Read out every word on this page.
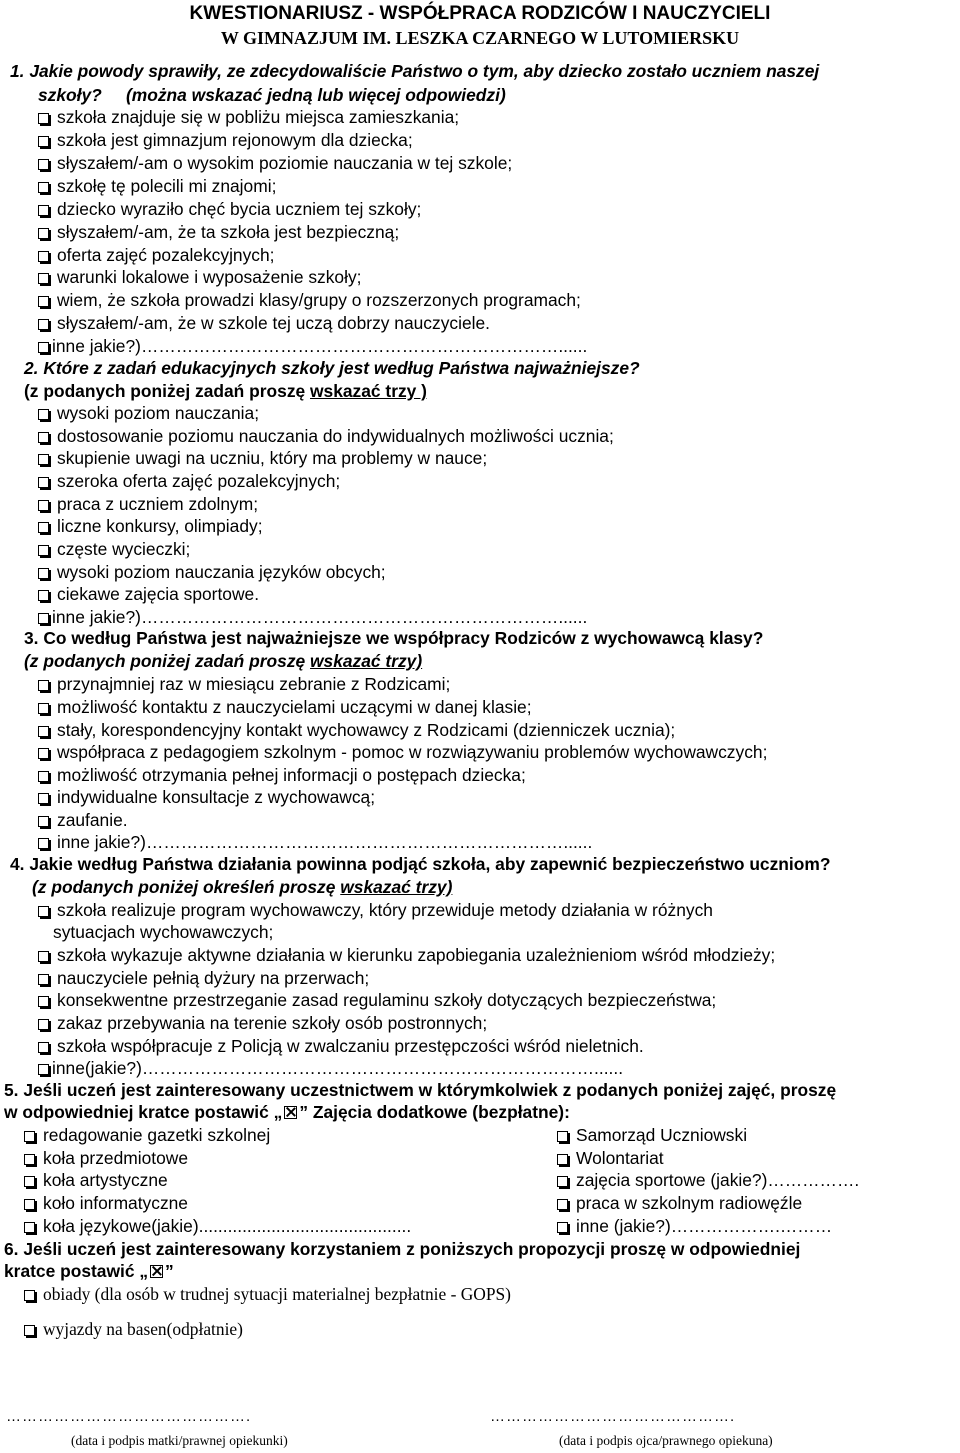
KWESTIONARIUSZ - WSPÓŁPRACA RODZICÓW I NAUCZYCIELI
W GIMNAZJUM IM. LESZKA CZARNEGO W LUTOMIERSKU
1. Jakie powody sprawiły, ze zdecydowaliście Państwo o tym, aby dziecko zostało uczniem naszej
szkoły? (można wskazać jedną lub więcej odpowiedzi)
szkoła znajduje się w pobliżu miejsca zamieszkania;
szkoła jest gimnazjum rejonowym dla dziecka;
słyszałem/-am o wysokim poziomie nauczania w tej szkole;
szkołę tę polecili mi znajomi;
dziecko wyraziło chęć bycia uczniem tej szkoły;
słyszałem/-am, że ta szkoła jest bezpieczną;
oferta zajęć pozalekcyjnych;
warunki lokalowe i wyposażenie szkoły;
wiem, że szkoła prowadzi klasy/grupy o rozszerzonych programach;
słyszałem/-am, że w szkole tej uczą dobrzy nauczyciele.
inne jakie?)………………………………………………………………......
2. Które z zadań edukacyjnych szkoły jest według Państwa najważniejsze?
(z podanych poniżej zadań proszę wskazać trzy )
wysoki poziom nauczania;
dostosowanie poziomu nauczania do indywidualnych możliwości ucznia;
skupienie uwagi na uczniu, który ma problemy w nauce;
szeroka oferta zajęć pozalekcyjnych;
praca z uczniem zdolnym;
liczne konkursy, olimpiady;
częste wycieczki;
wysoki poziom nauczania języków obcych;
ciekawe zajęcia sportowe.
inne jakie?)………………………………………………………………......
3. Co według Państwa jest najważniejsze we współpracy Rodziców z wychowawcą klasy?
(z podanych poniżej zadań proszę wskazać trzy)
przynajmniej raz w miesiącu zebranie z Rodzicami;
możliwość kontaktu z nauczycielami uczącymi w danej klasie;
stały, korespondencyjny kontakt wychowawcy z Rodzicami (dzienniczek ucznia);
współpraca z pedagogiem szkolnym - pomoc w rozwiązywaniu problemów wychowawczych;
możliwość otrzymania pełnej informacji o postępach dziecka;
indywidualne konsultacje z wychowawcą;
zaufanie.
inne jakie?)………………………………………………………………......
4. Jakie według Państwa działania powinna podjąć szkoła, aby zapewnić bezpieczeństwo uczniom?
(z podanych poniżej określeń proszę wskazać trzy)
szkoła realizuje program wychowawczy, który przewiduje metody działania w różnych
sytuacjach wychowawczych;
szkoła wykazuje aktywne działania w kierunku zapobiegania uzależnieniom wśród młodzieży;
nauczyciele pełnią dyżury na przerwach;
konsekwentne przestrzeganie zasad regulaminu szkoły dotyczących bezpieczeństwa;
zakaz przebywania na terenie szkoły osób postronnych;
szkoła współpracuje z Policją w zwalczaniu przestępczości wśród nieletnich.
inne(jakie?)……………………………………………………………………......
5. Jeśli uczeń jest zainteresowany uczestnictwem w którymkolwiek z podanych poniżej zajęć, proszę
w odpowiedniej kratce postawić „ ” Zajęcia dodatkowe (bezpłatne):
redagowanie gazetki szkolnej
koła przedmiotowe
koła artystyczne
koło informatyczne
koła językowe(jakie)............................................
Samorząd Uczniowski
Wolontariat
zajęcia sportowe (jakie?)…………….
praca w szkolnym radiowęźle
inne (jakie?)……………….………
6. Jeśli uczeń jest zainteresowany korzystaniem z poniższych propozycji proszę w odpowiedniej
kratce postawić „ ”
obiady (dla osób w trudnej sytuacji materialnej bezpłatnie - GOPS)
wyjazdy na basen(odpłatnie)
……………………………………….	……………………………………….
(data i podpis matki/prawnej opiekunki)	(data i podpis ojca/prawnego opiekuna)
